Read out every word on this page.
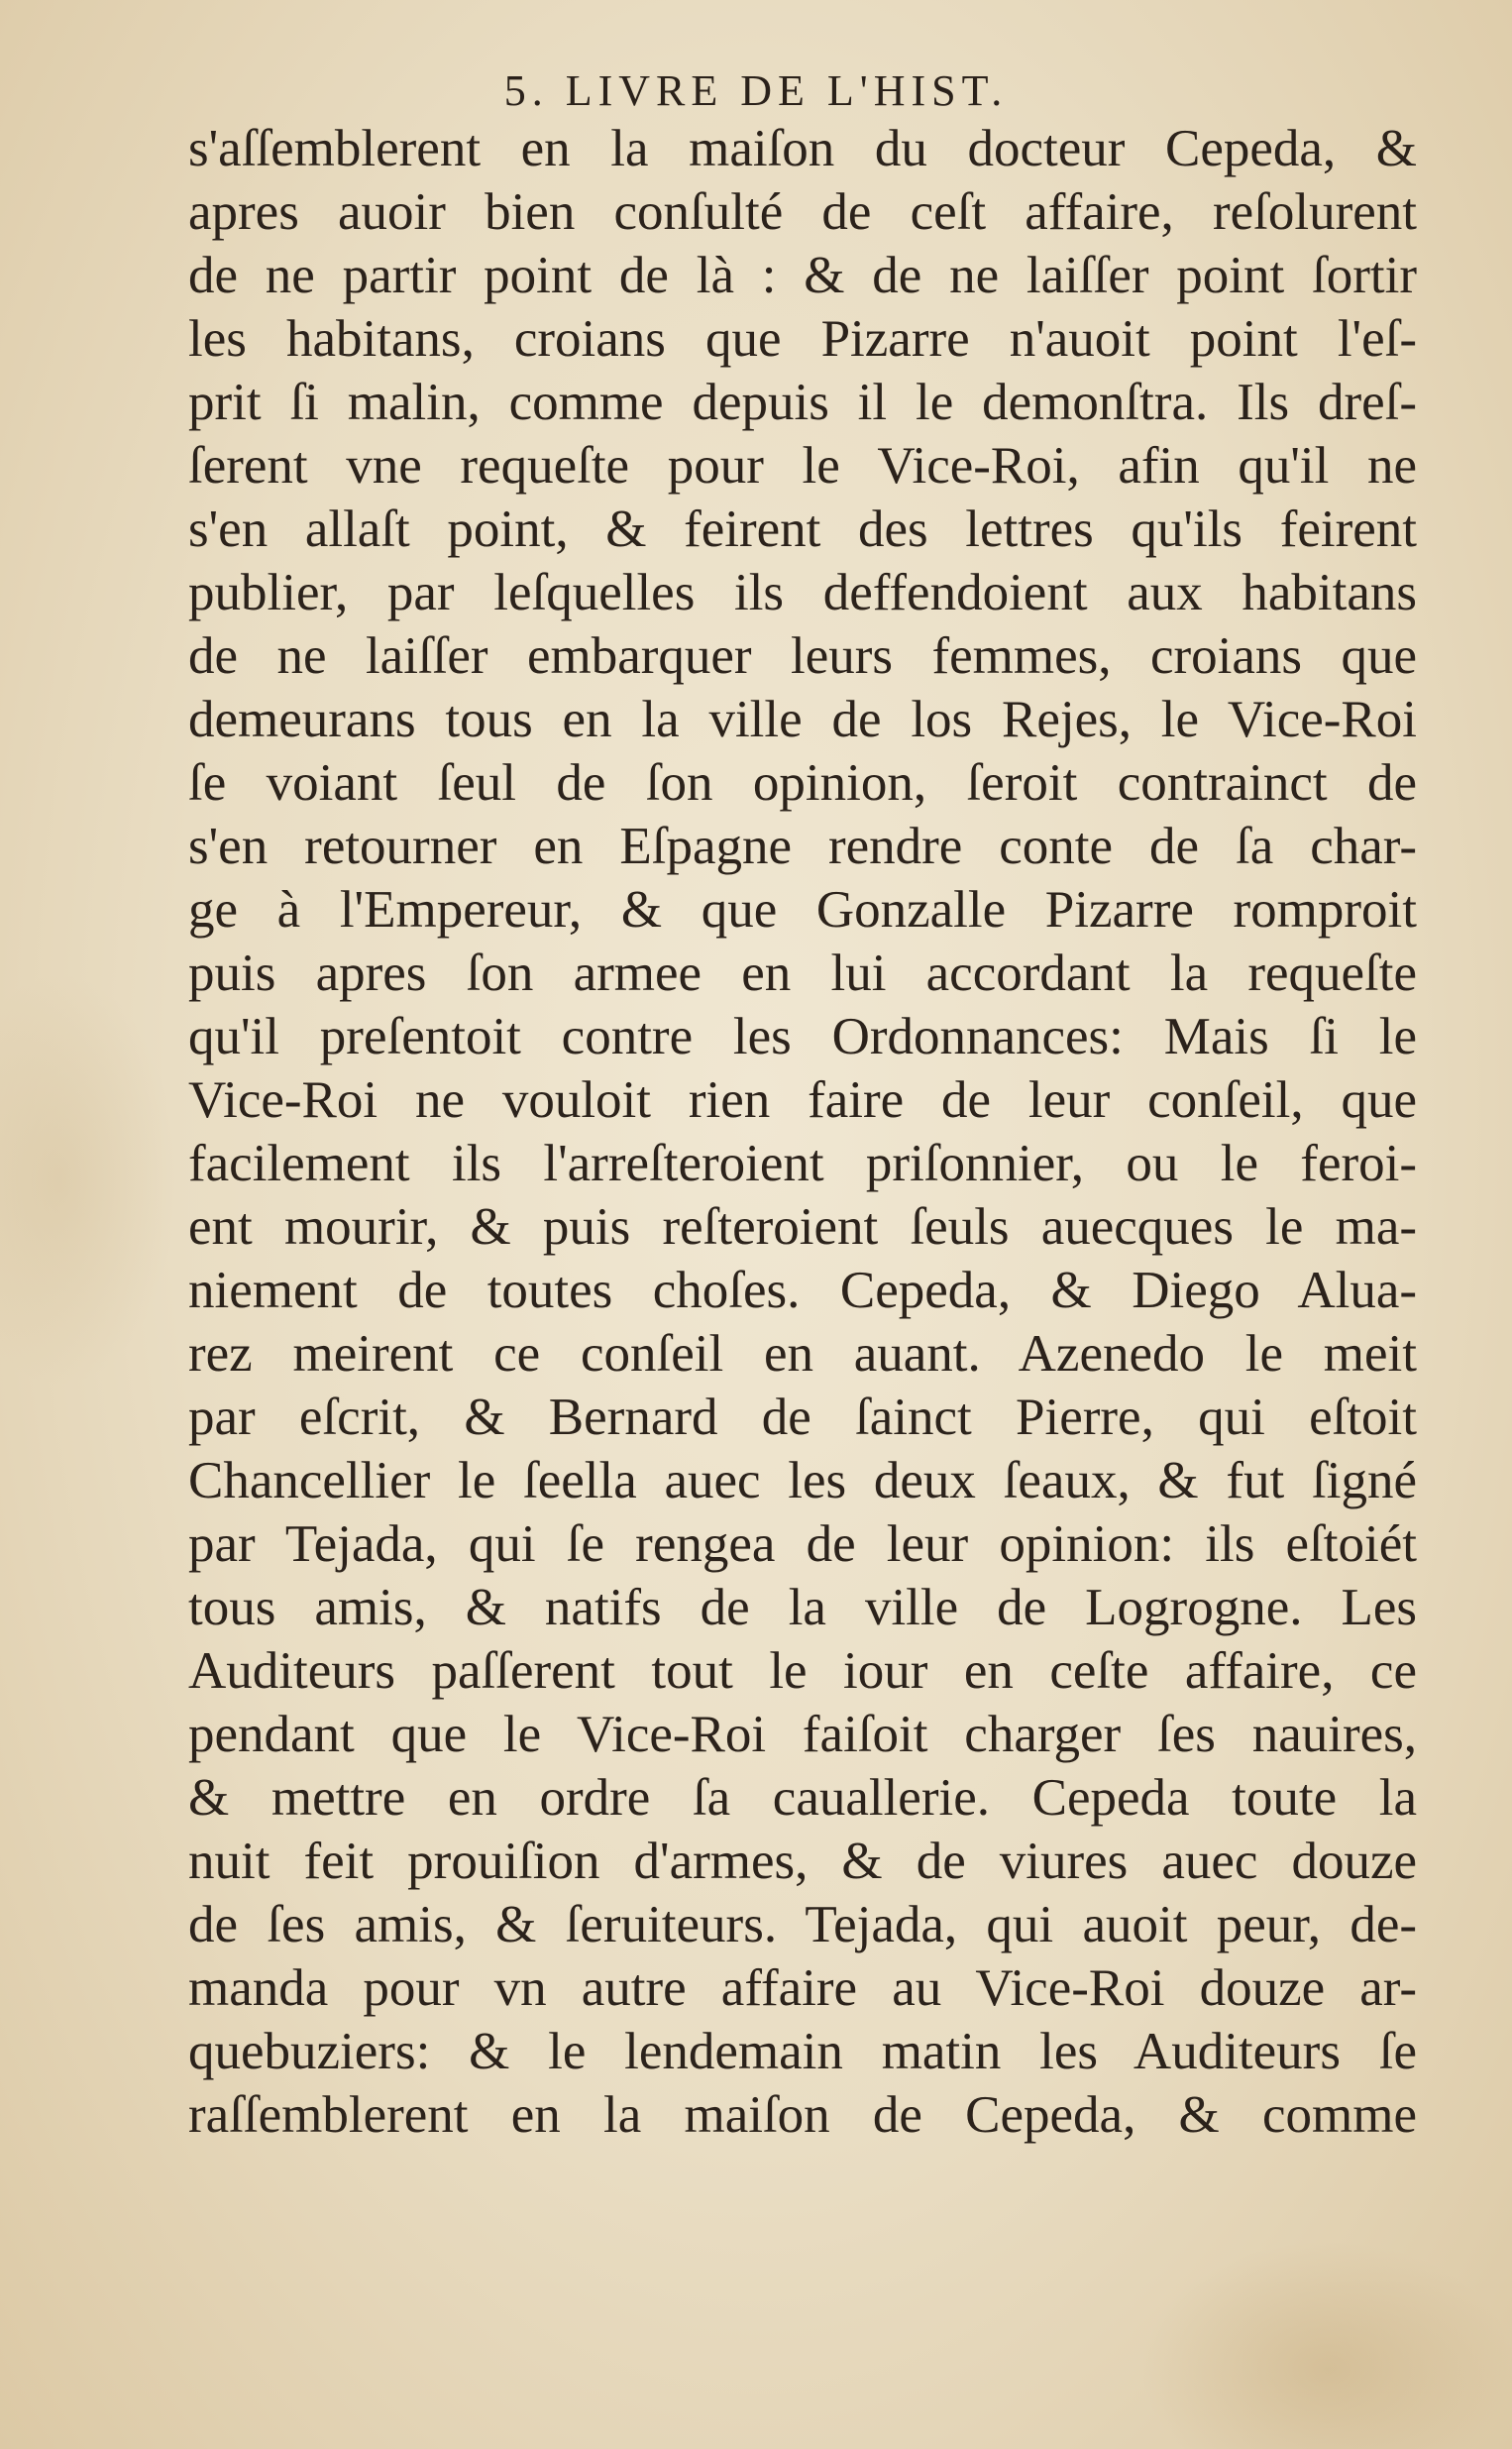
5. LIVRE DE L'HIST.
s'aſſemblerent en la maiſon du docteur Cepeda, &
apres auoir bien conſulté de ceſt affaire, reſolurent
de ne partir point de là : & de ne laiſſer point ſortir
les habitans, croians que Pizarre n'auoit point l'eſ-
prit ſi malin, comme depuis il le demonſtra. Ils dreſ-
ſerent vne requeſte pour le Vice-Roi, afin qu'il ne
s'en allaſt point, & feirent des lettres qu'ils feirent
publier, par leſquelles ils deffendoient aux habitans
de ne laiſſer embarquer leurs femmes, croians que
demeurans tous en la ville de los Rejes, le Vice-Roi
ſe voiant ſeul de ſon opinion, ſeroit contrainct de
s'en retourner en Eſpagne rendre conte de ſa char-
ge à l'Empereur, & que Gonzalle Pizarre romproit
puis apres ſon armee en lui accordant la requeſte
qu'il preſentoit contre les Ordonnances: Mais ſi le
Vice-Roi ne vouloit rien faire de leur conſeil, que
facilement ils l'arreſteroient priſonnier, ou le feroi-
ent mourir, & puis reſteroient ſeuls auecques le ma-
niement de toutes choſes. Cepeda, & Diego Alua-
rez meirent ce conſeil en auant. Azenedo le meit
par eſcrit, & Bernard de ſainct Pierre, qui eſtoit
Chancellier le ſeella auec les deux ſeaux, & fut ſigné
par Tejada, qui ſe rengea de leur opinion: ils eſtoiét
tous amis, & natifs de la ville de Logrogne. Les
Auditeurs paſſerent tout le iour en ceſte affaire, ce
pendant que le Vice-Roi faiſoit charger ſes nauires,
& mettre en ordre ſa cauallerie. Cepeda toute la
nuit feit prouiſion d'armes, & de viures auec douze
de ſes amis, & ſeruiteurs. Tejada, qui auoit peur, de-
manda pour vn autre affaire au Vice-Roi douze ar-
quebuziers: & le lendemain matin les Auditeurs ſe
raſſemblerent en la maiſon de Cepeda, & comme
